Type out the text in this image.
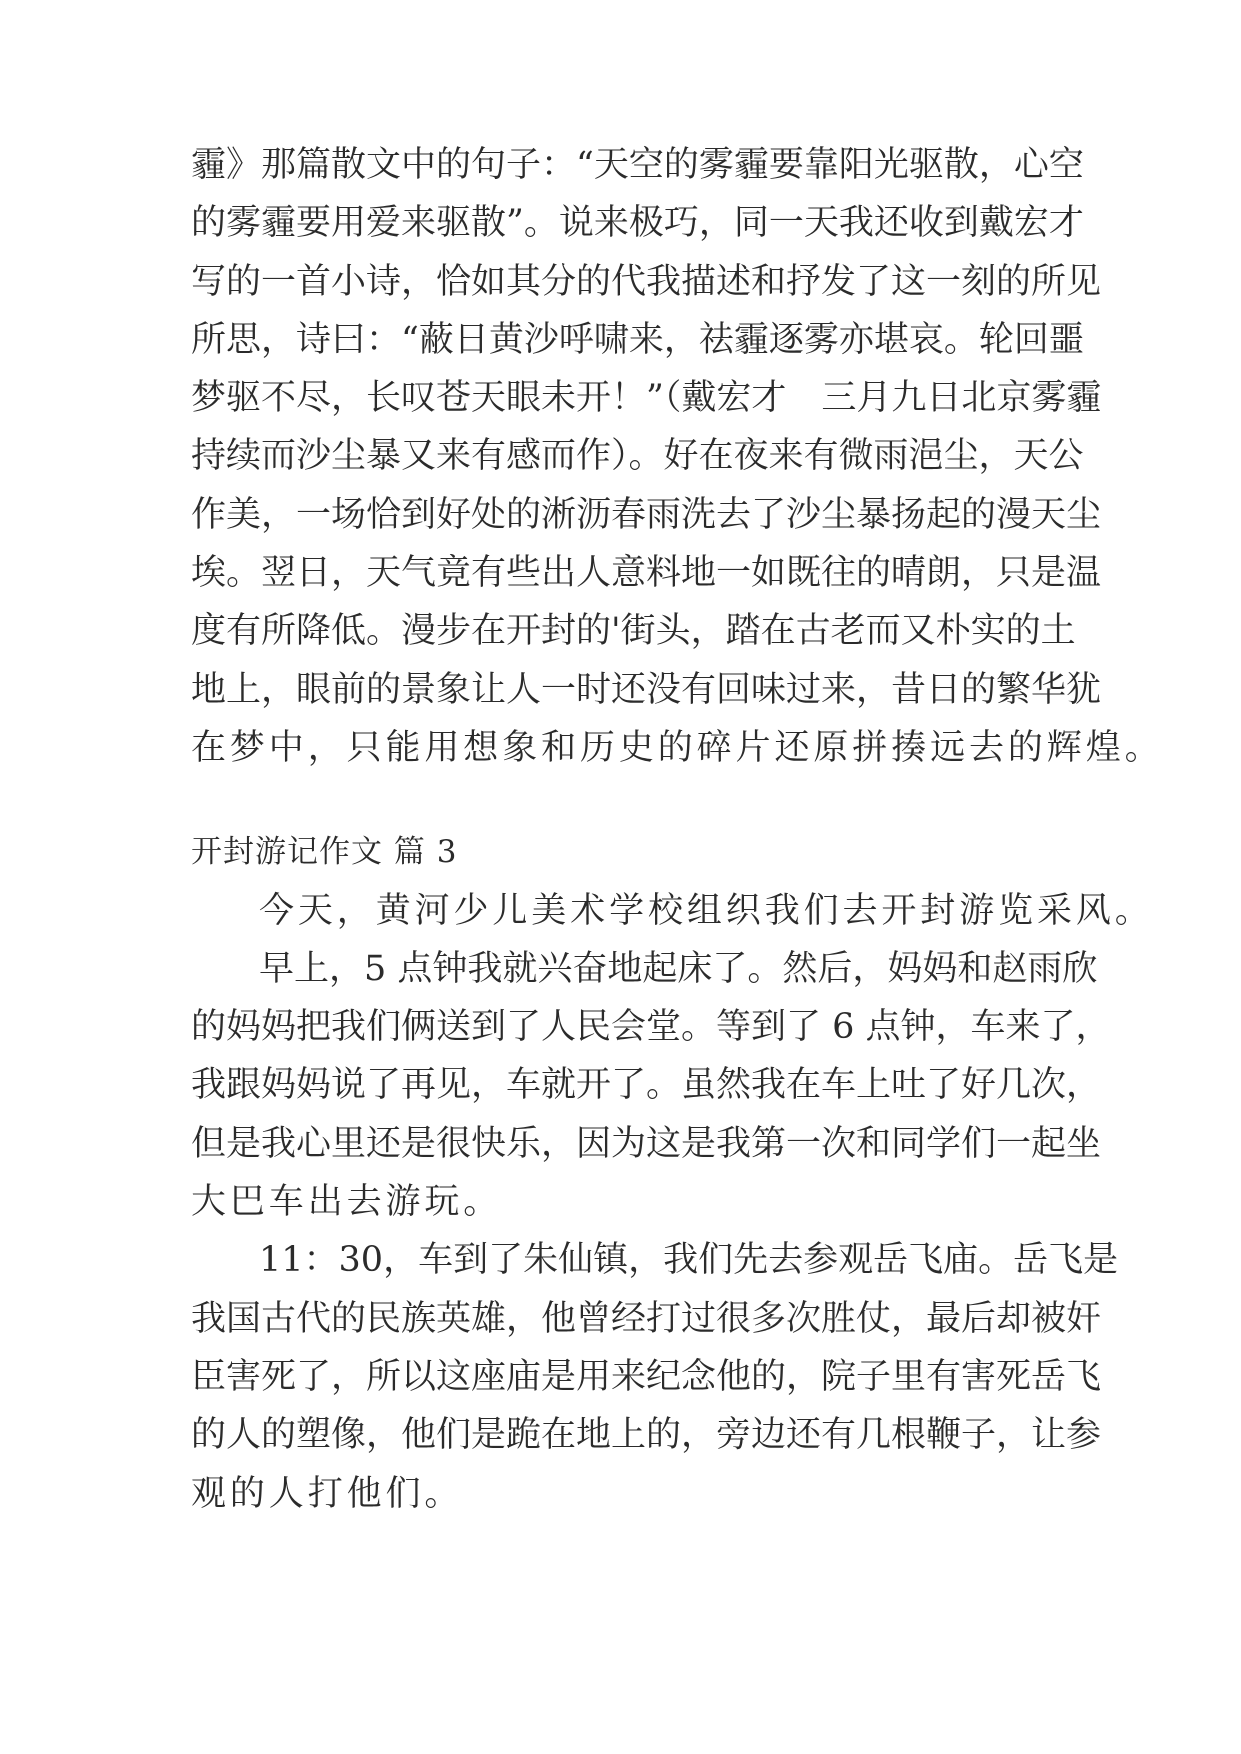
霾》那篇散文中的句子：“天空的雾霾要靠阳光驱散，心空
的雾霾要用爱来驱散”。说来极巧，同一天我还收到戴宏才
写的一首小诗，恰如其分的代我描述和抒发了这一刻的所见
所思，诗曰：“蔽日黄沙呼啸来，祛霾逐雾亦堪哀。轮回噩
梦驱不尽，长叹苍天眼未开！”（戴宏才　三月九日北京雾霾
持续而沙尘暴又来有感而作）。好在夜来有微雨浥尘，天公
作美，一场恰到好处的淅沥春雨洗去了沙尘暴扬起的漫天尘
埃。翌日，天气竟有些出人意料地一如既往的晴朗，只是温
度有所降低。漫步在开封的'街头，踏在古老而又朴实的土
地上，眼前的景象让人一时还没有回味过来，昔日的繁华犹
在梦中，只能用想象和历史的碎片还原拼揍远去的辉煌。
开封游记作文 篇 3
今天，黄河少儿美术学校组织我们去开封游览采风。
早上，5 点钟我就兴奋地起床了。然后，妈妈和赵雨欣
的妈妈把我们俩送到了人民会堂。等到了 6 点钟，车来了，
我跟妈妈说了再见，车就开了。虽然我在车上吐了好几次，
但是我心里还是很快乐，因为这是我第一次和同学们一起坐
大巴车出去游玩。
11：30，车到了朱仙镇，我们先去参观岳飞庙。岳飞是
我国古代的民族英雄，他曾经打过很多次胜仗，最后却被奸
臣害死了，所以这座庙是用来纪念他的，院子里有害死岳飞
的人的塑像，他们是跪在地上的，旁边还有几根鞭子，让参
观的人打他们。
